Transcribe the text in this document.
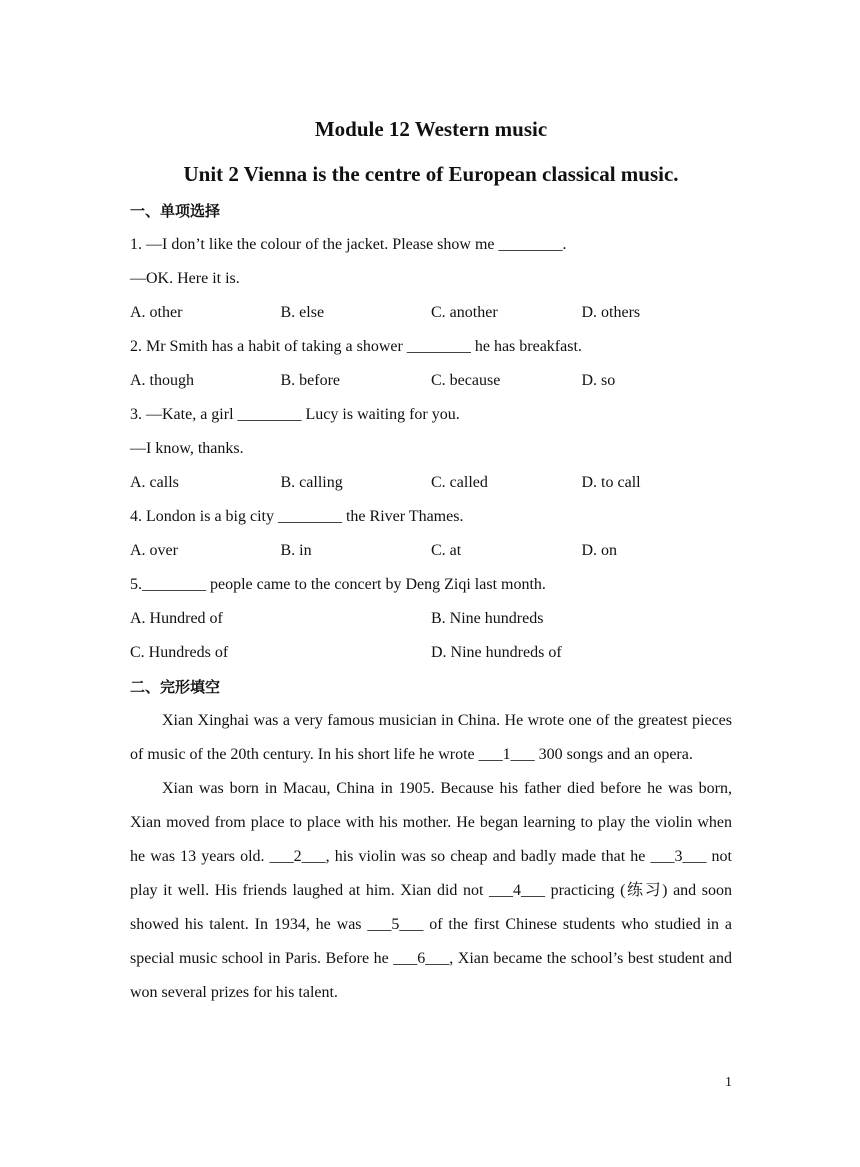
Module 12 Western music

Unit 2 Vienna is the centre of European classical music.

一、单项选择

1. —I don’t like the colour of the jacket. Please show me ________.

—OK. Here it is.

A. other	B. else	C. another	D. others

2. Mr Smith has a habit of taking a shower ________ he has breakfast.

A. though	B. before	C. because	D. so

3. —Kate, a girl ________ Lucy is waiting for you.

—I know, thanks.

A. calls	B. calling	C. called	D. to call

4. London is a big city ________ the River Thames.

A. over	B. in	C. at	D. on

5.________ people came to the concert by Deng Ziqi last month.

A. Hundred of	B. Nine hundreds
C. Hundreds of	D. Nine hundreds of

二、完形填空

Xian Xinghai was a very famous musician in China. He wrote one of the greatest pieces of music of the 20th century. In his short life he wrote ___1___ 300 songs and an opera.

Xian was born in Macau, China in 1905. Because his father died before he was born, Xian moved from place to place with his mother. He began learning to play the violin when he was 13 years old. ___2___, his violin was so cheap and badly made that he ___3___ not play it well. His friends laughed at him. Xian did not ___4___ practicing (练习) and soon showed his talent. In 1934, he was ___5___ of the first Chinese students who studied in a special music school in Paris. Before he ___6___, Xian became the school’s best student and won several prizes for his talent.

1
